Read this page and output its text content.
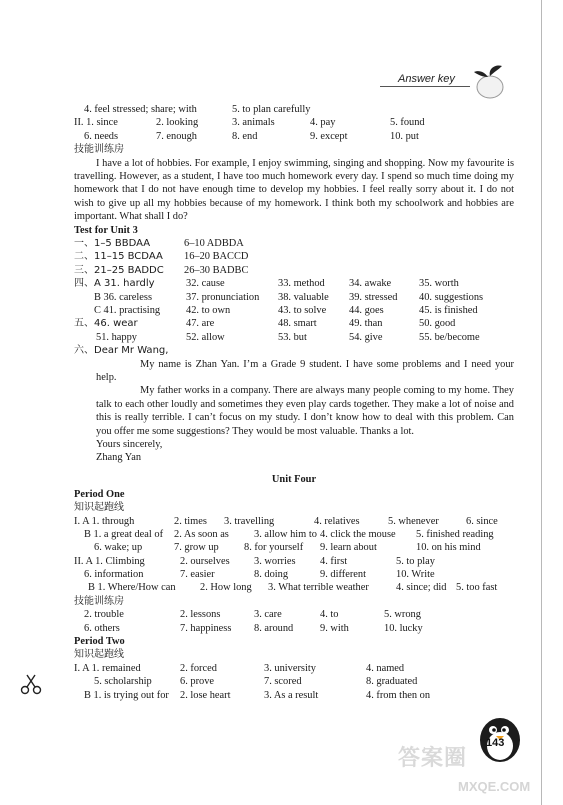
Answer key
4. feel stressed; share; with	5. to plan carefully
II. 1. since	2. looking	3. animals	4. pay	5. found
6. needs	7. enough	8. end	9. except	10. put
技能训练房
I have a lot of hobbies. For example, I enjoy swimming, singing and shopping. Now my favourite is travelling. However, as a student, I have too much homework every day. I spend so much time doing my homework that I do not have enough time to develop my hobbies. I feel really sorry about it. I do not wish to give up all my hobbies because of my homework. I think both my schoolwork and hobbies are important. What shall I do?
Test for Unit 3
一、1–5 BBDAA	6–10 ADBDA
二、11–15 BCDAA 16–20 BACCD
三、21–25 BADDC 26–30 BADBC
四、A 31. hardly	32. cause	33. method 34. awake	35. worth
B 36. careless	37. pronunciation 38. valuable 39. stressed 40. suggestions
C 41. practising 42. to own	43. to solve 44. goes	45. is finished
五、46. wear	47. are	48. smart	49. than	50. good
51. happy	52. allow	53. but	54. give	55. be/become
六、Dear Mr Wang,
My name is Zhan Yan. I’m a Grade 9 student. I have some problems and I need your help.
My father works in a company. There are always many people coming to my home. They talk to each other loudly and sometimes they even play cards together. They make a lot of noise and this is really terrible. I can’t focus on my study. I don’t know how to deal with this problem. Can you offer me some suggestions? They would be most valuable. Thanks a lot.
Yours sincerely,
Zhang Yan
Unit Four
Period One
知识起跑线
I. A 1. through	2. times 3. travelling	4. relatives	5. whenever	6. since
B 1. a great deal of 2. As soon as 3. allow him to 4. click the mouse 5. finished reading
6. wake; up	7. grow up 8. for yourself 9. learn about	10. on his mind
II. A 1. Climbing	2. ourselves 3. worries 4. first	5. to play
6. information	7. easier	8. doing	9. different	10. Write
B 1. Where/How can 2. How long 3. What terrible weather	4. since; did 5. too fast
技能训练房
2. trouble	2. lessons	3. care	4. to	5. wrong
6. others	7. happiness 8. around	9. with	10. lucky
Period Two
知识起跑线
I. A 1. remained	2. forced	3. university	4. named
5. scholarship	6. prove	7. scored	8. graduated
B 1. is trying out for 2. lose heart	3. As a result	4. from then on
143
答案圈
MXQE.COM
